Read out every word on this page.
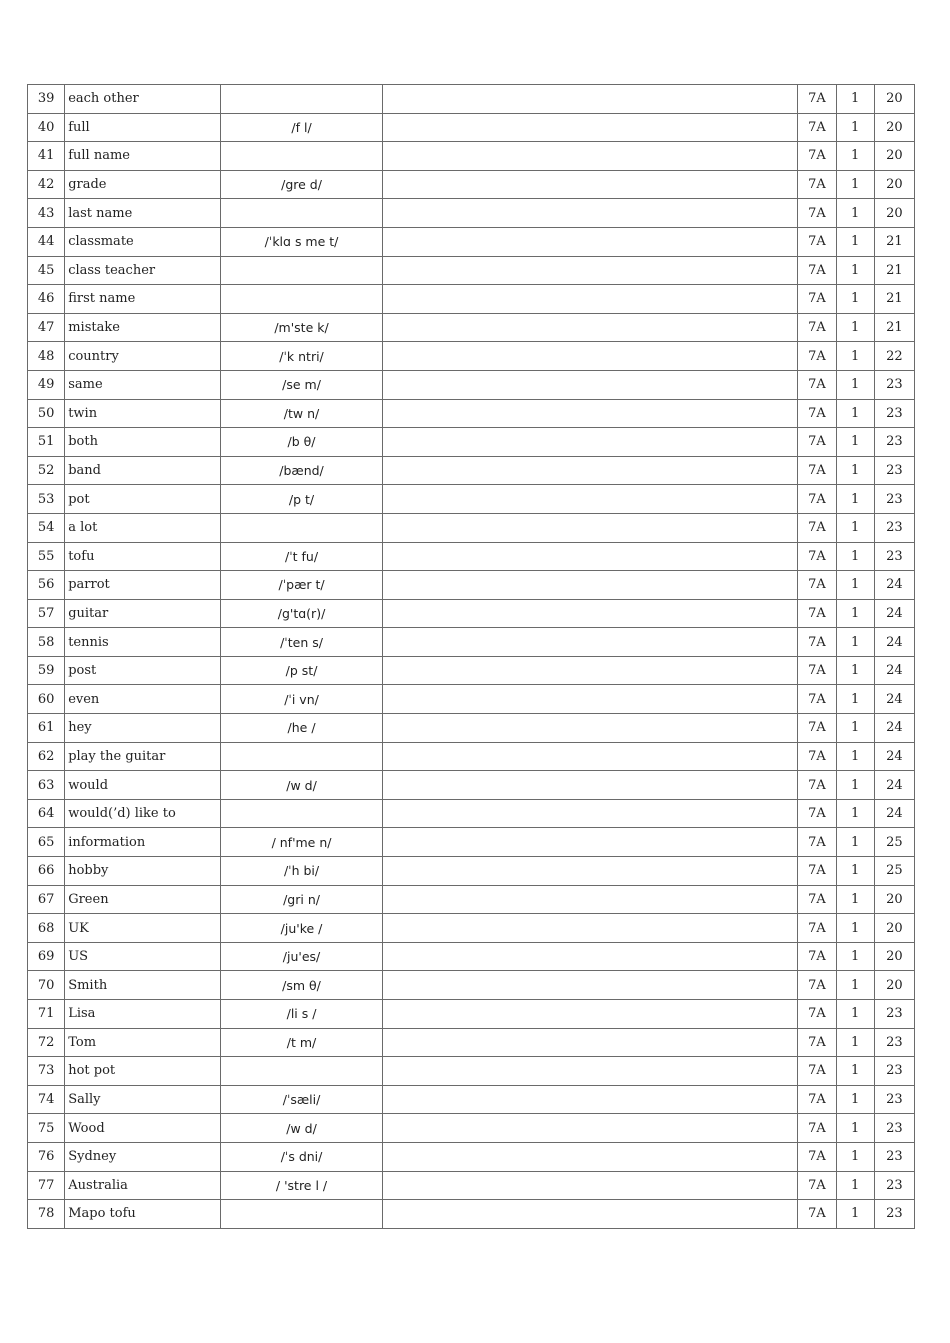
39	each other			7A	1	20
40	full	/f l/		7A	1	20
41	full name			7A	1	20
42	grade	/gre d/		7A	1	20
43	last name			7A	1	20
44	classmate	/ˈklɑ s me t/		7A	1	21
45	class teacher			7A	1	21
46	first name			7A	1	21
47	mistake	/m'ste k/		7A	1	21
48	country	/ˈk ntri/		7A	1	22
49	same	/se m/		7A	1	23
50	twin	/tw n/		7A	1	23
51	both	/b θ/		7A	1	23
52	band	/bænd/		7A	1	23
53	pot	/p t/		7A	1	23
54	a lot			7A	1	23
55	tofu	/ˈt fu/		7A	1	23
56	parrot	/ˈpær t/		7A	1	24
57	guitar	/g'tɑ(r)/		7A	1	24
58	tennis	/ˈten s/		7A	1	24
59	post	/p st/		7A	1	24
60	even	/ˈi vn/		7A	1	24
61	hey	/he /		7A	1	24
62	play the guitar			7A	1	24
63	would	/w d/		7A	1	24
64	would(’d) like to			7A	1	24
65	information	/ nf'me n/		7A	1	25
66	hobby	/ˈh bi/		7A	1	25
67	Green	/gri n/		7A	1	20
68	UK	/ju'ke /		7A	1	20
69	US	/ju'es/		7A	1	20
70	Smith	/sm θ/		7A	1	20
71	Lisa	/li s /		7A	1	23
72	Tom	/t m/		7A	1	23
73	hot pot			7A	1	23
74	Sally	/ˈsæli/		7A	1	23
75	Wood	/w d/		7A	1	23
76	Sydney	/ˈs dni/		7A	1	23
77	Australia	/ 'stre l /		7A	1	23
78	Mapo tofu			7A	1	23
